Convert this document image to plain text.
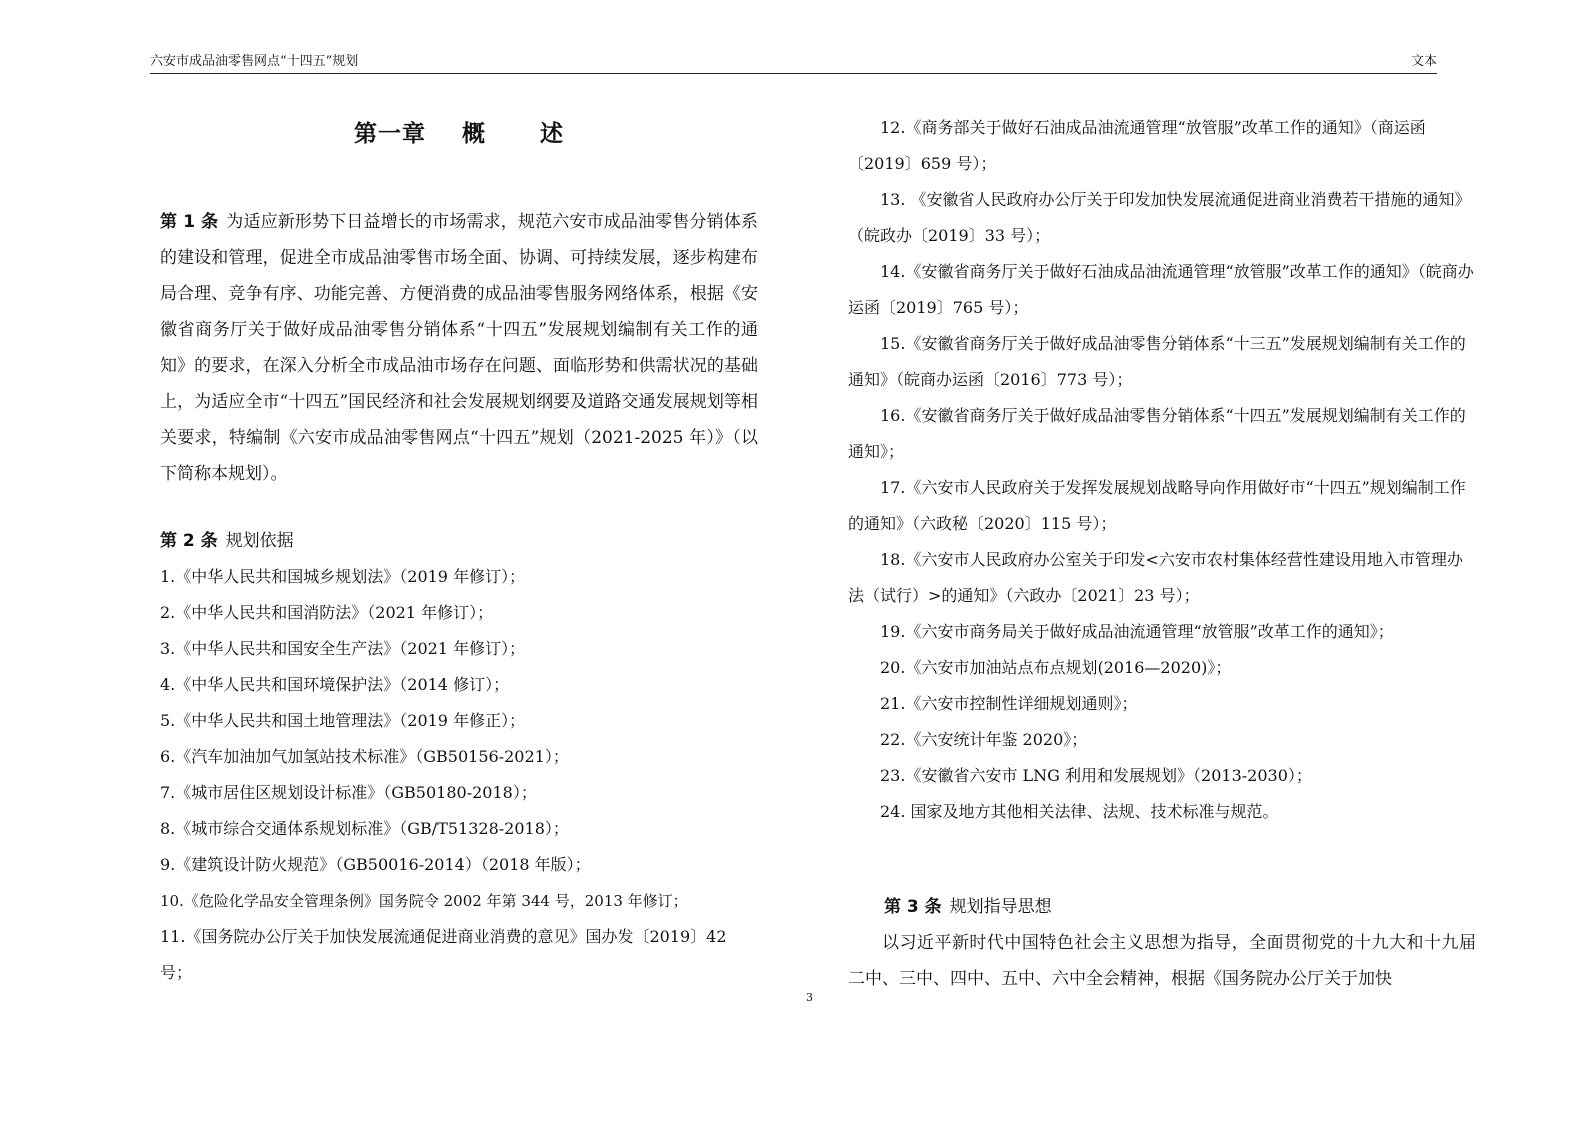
六安市成品油零售网点“十四五”规划	文本
第一章    概      述
第 1 条 为适应新形势下日益增长的市场需求，规范六安市成品油零售分销体系的建设和管理，促进全市成品油零售市场全面、协调、可持续发展，逐步构建布局合理、竞争有序、功能完善、方便消费的成品油零售服务网络体系，根据《安徽省商务厅关于做好成品油零售分销体系“十四五”发展规划编制有关工作的通知》的要求，在深入分析全市成品油市场存在问题、面临形势和供需状况的基础上，为适应全市“十四五”国民经济和社会发展规划纲要及道路交通发展规划等相关要求，特编制《六安市成品油零售网点“十四五”规划（2021-2025 年）》（以下简称本规划）。
第 2 条 规划依据
1.《中华人民共和国城乡规划法》（2019 年修订）；
2.《中华人民共和国消防法》（2021 年修订）；
3.《中华人民共和国安全生产法》（2021 年修订）；
4.《中华人民共和国环境保护法》（2014 修订）；
5.《中华人民共和国土地管理法》（2019 年修正）；
6.《汽车加油加气加氢站技术标准》（GB50156-2021）；
7.《城市居住区规划设计标准》（GB50180-2018）；
8.《城市综合交通体系规划标准》（GB/T51328-2018）；
9.《建筑设计防火规范》（GB50016-2014）（2018 年版）；
10.《危险化学品安全管理条例》国务院令 2002 年第 344 号，2013 年修订；
11.《国务院办公厅关于加快发展流通促进商业消费的意见》国办发〔2019〕42 号；
12.《商务部关于做好石油成品油流通管理“放管服”改革工作的通知》（商运函〔2019〕659 号）；
13. 《安徽省人民政府办公厅关于印发加快发展流通促进商业消费若干措施的通知》（皖政办〔2019〕33 号）；
14.《安徽省商务厅关于做好石油成品油流通管理“放管服”改革工作的通知》（皖商办运函〔2019〕765 号）；
15.《安徽省商务厅关于做好成品油零售分销体系“十三五”发展规划编制有关工作的通知》（皖商办运函〔2016〕773 号）；
16.《安徽省商务厅关于做好成品油零售分销体系“十四五”发展规划编制有关工作的通知》；
17.《六安市人民政府关于发挥发展规划战略导向作用做好市“十四五”规划编制工作的通知》（六政秘〔2020〕115 号）；
18.《六安市人民政府办公室关于印发<六安市农村集体经营性建设用地入市管理办法（试行）>的通知》（六政办〔2021〕23 号）；
19.《六安市商务局关于做好成品油流通管理“放管服”改革工作的通知》；
20.《六安市加油站点布点规划(2016—2020)》；
21.《六安市控制性详细规划通则》；
22.《六安统计年鉴 2020》；
23.《安徽省六安市 LNG 利用和发展规划》（2013-2030）；
24. 国家及地方其他相关法律、法规、技术标准与规范。
第 3 条 规划指导思想
以习近平新时代中国特色社会主义思想为指导，全面贯彻党的十九大和十九届二中、三中、四中、五中、六中全会精神，根据《国务院办公厅关于加快
3
